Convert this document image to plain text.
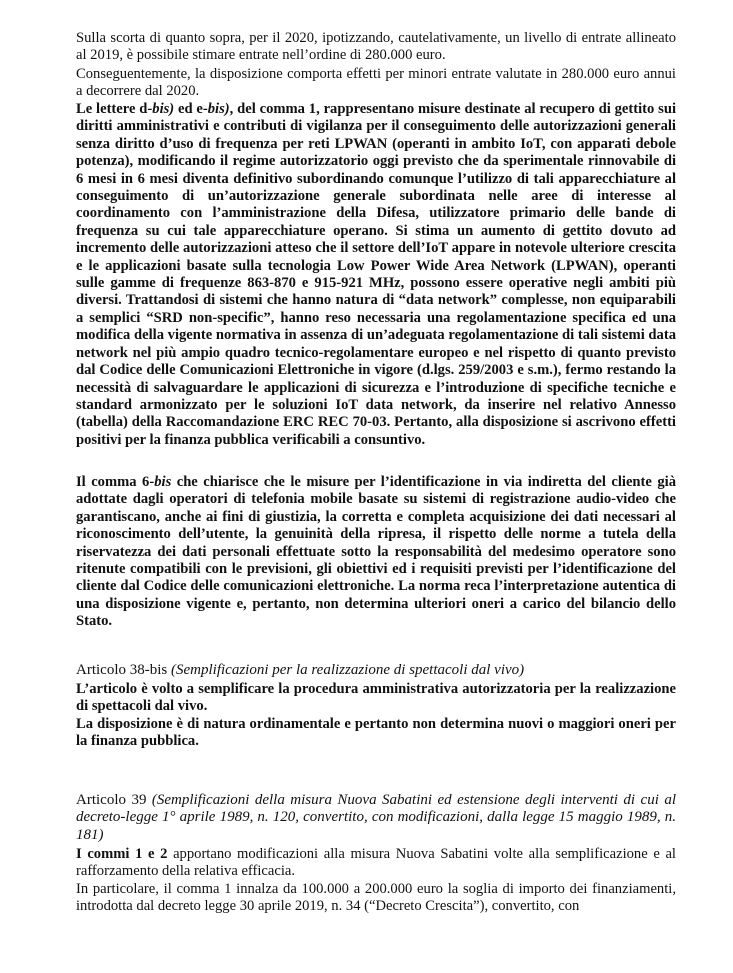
Sulla scorta di quanto sopra, per il 2020, ipotizzando, cautelativamente, un livello di entrate allineato al 2019, è possibile stimare entrate nell’ordine di 280.000 euro.

Conseguentemente, la disposizione comporta effetti per minori entrate valutate in 280.000 euro annui a decorrere dal 2020.

Le lettere d-bis) ed e-bis), del comma 1, rappresentano misure destinate al recupero di gettito sui diritti amministrativi e contributi di vigilanza per il conseguimento delle autorizzazioni generali senza diritto d’uso di frequenza per reti LPWAN (operanti in ambito IoT, con apparati debole potenza), modificando il regime autorizzatorio oggi previsto che da sperimentale rinnovabile di 6 mesi in 6 mesi diventa definitivo subordinando comunque l’utilizzo di tali apparecchiature al conseguimento di un’autorizzazione generale subordinata nelle aree di interesse al coordinamento con l’amministrazione della Difesa, utilizzatore primario delle bande di frequenza su cui tale apparecchiature operano. Si stima un aumento di gettito dovuto ad incremento delle autorizzazioni atteso che il settore dell’IoT appare in notevole ulteriore crescita e le applicazioni basate sulla tecnologia Low Power Wide Area Network (LPWAN), operanti sulle gamme di frequenze 863-870 e 915-921 MHz, possono essere operative negli ambiti più diversi. Trattandosi di sistemi che hanno natura di “data network” complesse, non equiparabili a semplici “SRD non-specific”, hanno reso necessaria una regolamentazione specifica ed una modifica della vigente normativa in assenza di un’adeguata regolamentazione di tali sistemi data network nel più ampio quadro tecnico-regolamentare europeo e nel rispetto di quanto previsto dal Codice delle Comunicazioni Elettroniche in vigore (d.lgs. 259/2003 e s.m.), fermo restando la necessità di salvaguardare le applicazioni di sicurezza e l’introduzione di specifiche tecniche e standard armonizzato per le soluzioni IoT data network, da inserire nel relativo Annesso (tabella) della Raccomandazione ERC REC 70-03. Pertanto, alla disposizione si ascrivono effetti positivi per la finanza pubblica verificabili a consuntivo.

Il comma 6-bis che chiarisce che le misure per l’identificazione in via indiretta del cliente già adottate dagli operatori di telefonia mobile basate su sistemi di registrazione audio-video che garantiscano, anche ai fini di giustizia, la corretta e completa acquisizione dei dati necessari al riconoscimento dell’utente, la genuinità della ripresa, il rispetto delle norme a tutela della riservatezza dei dati personali effettuate sotto la responsabilità del medesimo operatore sono ritenute compatibili con le previsioni, gli obiettivi ed i requisiti previsti per l’identificazione del cliente dal Codice delle comunicazioni elettroniche. La norma reca l’interpretazione autentica di una disposizione vigente e, pertanto, non determina ulteriori oneri a carico del bilancio dello Stato.

Articolo 38-bis (Semplificazioni per la realizzazione di spettacoli dal vivo)

L’articolo è volto a semplificare la procedura amministrativa autorizzatoria per la realizzazione di spettacoli dal vivo.

La disposizione è di natura ordinamentale e pertanto non determina nuovi o maggiori oneri per la finanza pubblica.

Articolo 39 (Semplificazioni della misura Nuova Sabatini ed estensione degli interventi di cui al decreto-legge 1° aprile 1989, n. 120, convertito, con modificazioni, dalla legge 15 maggio 1989, n. 181)

I commi 1 e 2 apportano modificazioni alla misura Nuova Sabatini volte alla semplificazione e al rafforzamento della relativa efficacia.

In particolare, il comma 1 innalza da 100.000 a 200.000 euro la soglia di importo dei finanziamenti, introdotta dal decreto legge 30 aprile 2019, n. 34 (“Decreto Crescita”), convertito, con
